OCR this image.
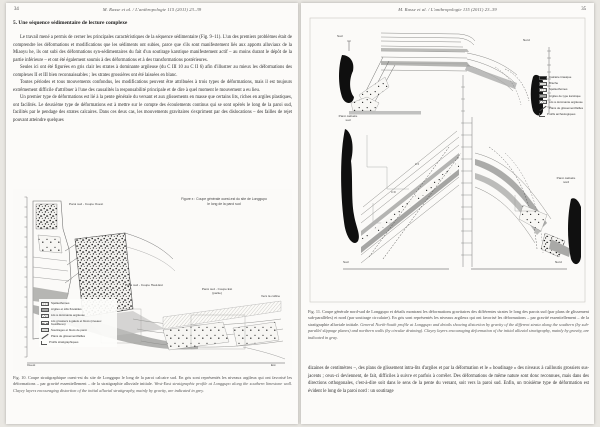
34	M. Rasse et al. / L'anthropologie 115 (2011) 23–39
5. Une séquence sédimentaire de lecture complexe

Le travail mené a permis de cerner les principales caractéristiques de la séquence sédimentaire (Fig. 9–11). L'un des premiers problèmes était de comprendre les déformations et modifications que les sédiments ont subies, parce que s'ils sont manifestement liés aux apports alluviaux de la Miaoyu he, ils ont subi des déformations syn-sédimentaires du fait d'un soutirage karstique manifestement actif – au moins durant le dépôt de la partie inférieure – et ont été également soumis à des déformations et à des transformations postérieures.

Seules ici ont été figurées en gris clair les strates à dominante argileuse (du C III 10 au C II 6) afin d'illustrer au mieux les déformations des complexes II et III bien reconnaissables ; les strates grossières ont été laissées en blanc.

Toutes périodes et tous mouvements confondus, les modifications peuvent être attribuées à trois types de déformations, mais il est toujours extrêmement difficile d'attribuer à l'une des causalités la responsabilité principale et de dire à quel moment le mouvement a eu lieu.

Un premier type de déformations est lié à la pente générale du versant et aux glissements en masse que certains lits, riches en argiles plastiques, ont facilités. Le deuxième type de déformations est à mettre sur le compte des écoulements continus qui se sont opérés le long de la paroi sud, facilités par le pendage des strates calcaires. Dans ces deux cas, les mouvements gravitaires s'expriment par des dislocations – des failles de rejet pouvant atteindre quelques

Figure x : Coupe générale ouest-est du site de Longgupo
le long de la paroi sud
Paroi sud - Coupe Ouest
Paroi sud - Coupe Haut-Est
Paroi sud - Coupe Est
(partie)
Vers la colline
Ouest	Est
Spéléothèmes
Argiles et silts fluviatiles
Lits à dominante argileuse
Lits grossiers à galets et blocs (niveaux fossilifères)
Soutirages et blocs de paroi
Plans de glissement/failles
Profils stratigraphiques
Fig. 10. Coupe stratigraphique ouest-est du site de Longgupo le long de la paroi calcaire sud. En gris sont représentés les niveaux argileux qui ont favorisé les déformations – par gravité essentiellement – de la stratigraphie alluviale initiale. West-East stratigraphic profile at Longgupo along the southern limestone wall. Clayey layers encouraging distortion of the initial alluvial stratigraphy, mainly by gravity, are indicated in grey.
35
M. Rasse et al. / L'anthropologie 115 (2011) 23–39
Sud
Nord
Paroi calcaire sud
Paroi calcaire nord
C II
C III
Sud	Nord
Calcaire triasique
Brèche
Spéléothèmes
Argiles de type karstique
Lits à dominante argileuse
Plans de glissement/failles
Profils archéologiques
Fig. 11. Coupe générale nord-sud de Longgupo et détails montrant les déformations gravitaires des différentes strates le long des parois sud (par plans de glissement sub-parallèles) et nord (par soutirage circulaire). En gris sont représentés les niveaux argileux qui ont favorisé les déformations – par gravité essentiellement – de la stratigraphie alluviale initiale. General North-South profile at Longgupo and details showing distortion by gravity of the different strata along the southern (by sub-parallel slippage planes) and northern walls (by circular draining). Clayey layers encouraging deformation of the initial alluvial stratigraphy, mainly by gravity, are indicated in gray.

dizaines de centimètres –, des plans de glissement intra-lits d'argiles et par la déformation et le « boudinage » des niveaux à cailloutis grossiers sus-jacents ; ceux-ci deviennent, de fait, difficiles à suivre et parfois à corréler. Des déformations de même nature sont donc reconnues, mais dans des directions orthogonales, c'est-à-dire soit dans le sens de la pente du versant, soit vers la paroi sud. Enfin, un troisième type de déformation est évident le long de la paroi nord : un soutirage
